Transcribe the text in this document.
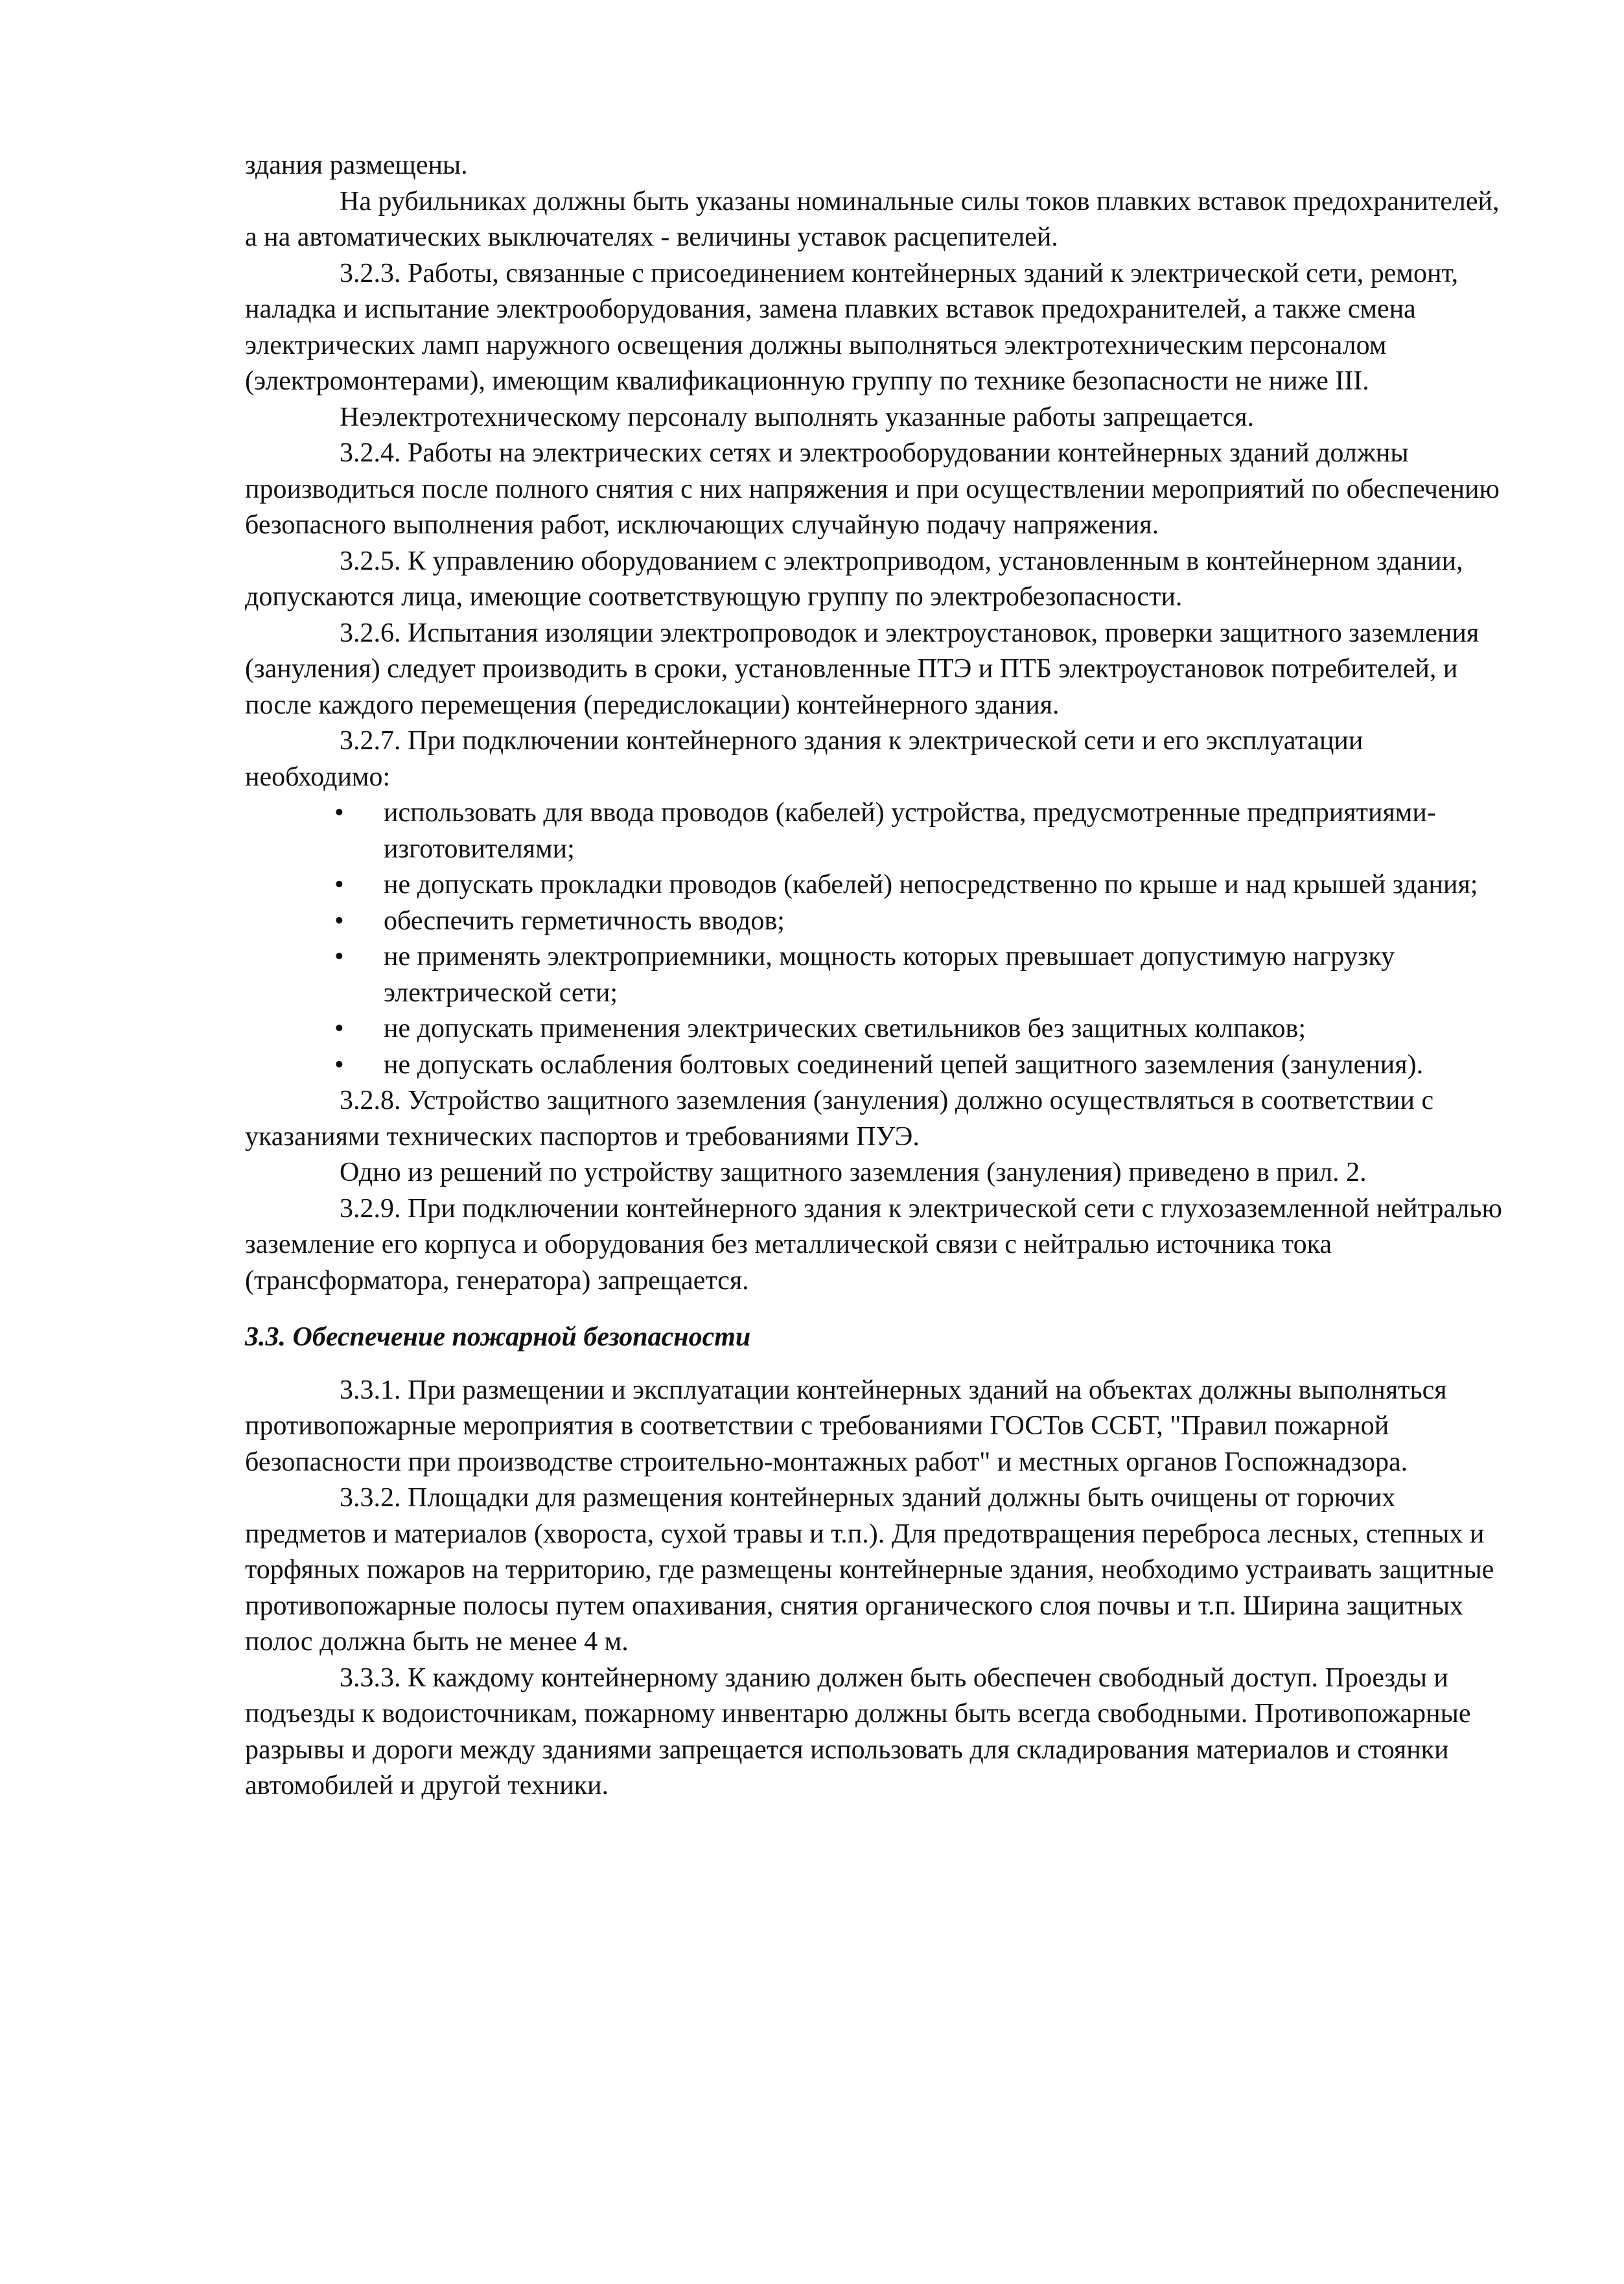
здания размещены.

На рубильниках должны быть указаны номинальные силы токов плавких вставок предохранителей, а на автоматических выключателях - величины уставок расцепителей.

3.2.3. Работы, связанные с присоединением контейнерных зданий к электрической сети, ремонт, наладка и испытание электрооборудования, замена плавких вставок предохранителей, а также смена электрических ламп наружного освещения должны выполняться электротехническим персоналом (электромонтерами), имеющим квалификационную группу по технике безопасности не ниже III.

Неэлектротехническому персоналу выполнять указанные работы запрещается.

3.2.4. Работы на электрических сетях и электрооборудовании контейнерных зданий должны производиться после полного снятия с них напряжения и при осуществлении мероприятий по обеспечению безопасного выполнения работ, исключающих случайную подачу напряжения.

3.2.5. К управлению оборудованием с электроприводом, установленным в контейнерном здании, допускаются лица, имеющие соответствующую группу по электробезопасности.

3.2.6. Испытания изоляции электропроводок и электроустановок, проверки защитного заземления (зануления) следует производить в сроки, установленные ПТЭ и ПТБ электроустановок потребителей, и после каждого перемещения (передислокации) контейнерного здания.

3.2.7. При подключении контейнерного здания к электрической сети и его эксплуатации необходимо:

• использовать для ввода проводов (кабелей) устройства, предусмотренные предприятиями-изготовителями;
• не допускать прокладки проводов (кабелей) непосредственно по крыше и над крышей здания;
• обеспечить герметичность вводов;
• не применять электроприемники, мощность которых превышает допустимую нагрузку электрической сети;
• не допускать применения электрических светильников без защитных колпаков;
• не допускать ослабления болтовых соединений цепей защитного заземления (зануления).

3.2.8. Устройство защитного заземления (зануления) должно осуществляться в соответствии с указаниями технических паспортов и требованиями ПУЭ.

Одно из решений по устройству защитного заземления (зануления) приведено в прил. 2.

3.2.9. При подключении контейнерного здания к электрической сети с глухозаземленной нейтралью заземление его корпуса и оборудования без металлической связи с нейтралью источника тока (трансформатора, генератора) запрещается.

3.3. Обеспечение пожарной безопасности

3.3.1. При размещении и эксплуатации контейнерных зданий на объектах должны выполняться противопожарные мероприятия в соответствии с требованиями ГОСТов ССБТ, "Правил пожарной безопасности при производстве строительно-монтажных работ" и местных органов Госпожнадзора.

3.3.2. Площадки для размещения контейнерных зданий должны быть очищены от горючих предметов и материалов (хвороста, сухой травы и т.п.). Для предотвращения переброса лесных, степных и торфяных пожаров на территорию, где размещены контейнерные здания, необходимо устраивать защитные противопожарные полосы путем опахивания, снятия органического слоя почвы и т.п. Ширина защитных полос должна быть не менее 4 м.

3.3.3. К каждому контейнерному зданию должен быть обеспечен свободный доступ. Проезды и подъезды к водоисточникам, пожарному инвентарю должны быть всегда свободными. Противопожарные разрывы и дороги между зданиями запрещается использовать для складирования материалов и стоянки автомобилей и другой техники.
